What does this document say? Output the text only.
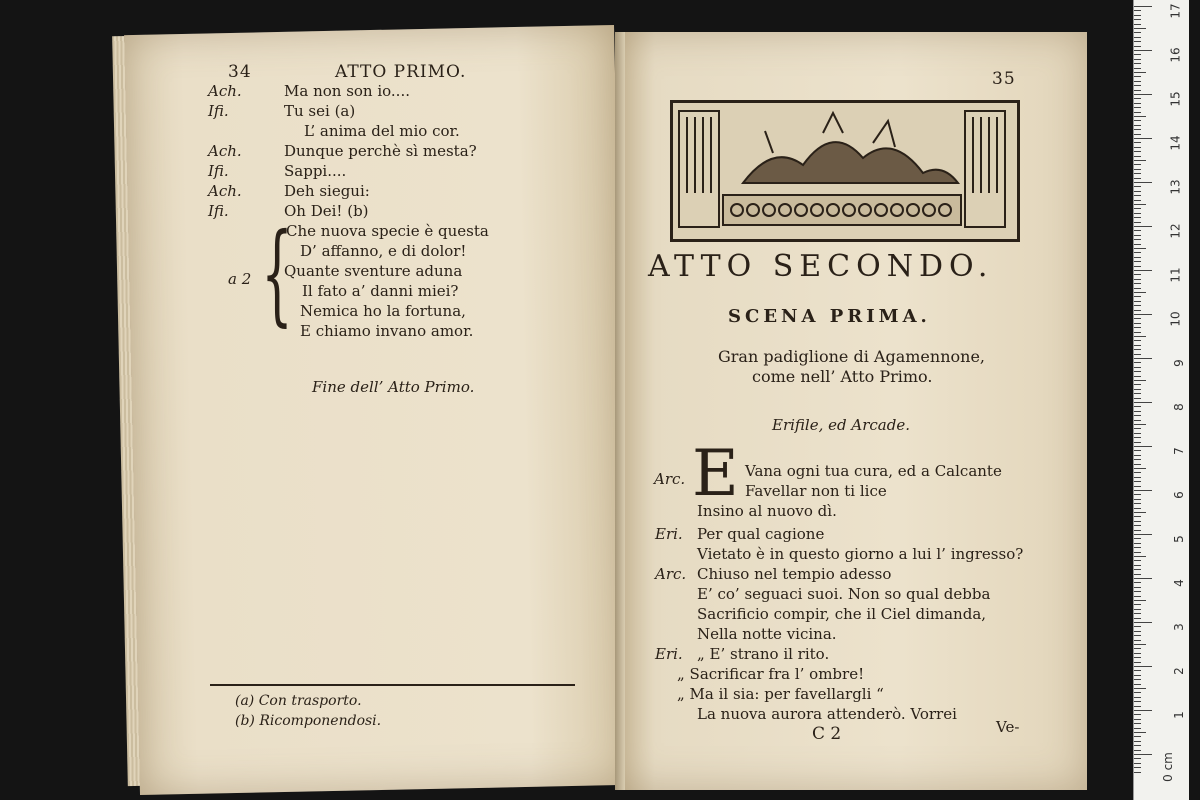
34	ATTO PRIMO.
Ach.	Ma non son io....
Ifi.	Tu sei (a)
L’ anima del mio cor.
Ach.	Dunque perchè sì mesta?
Ifi.	Sappi....
Ach.	Deh siegui:
Ifi.	Oh Dei! (b)
a 2 {
Che nuova specie è questa
D’ affanno, e di dolor!
Quante sventure aduna
Il fato a’ danni miei?
Nemica ho la fortuna,
E chiamo invano amor.
Fine dell’ Atto Primo.
(a) Con trasporto.
(b) Ricomponendosi.
35
ATTO SECONDO.
SCENA PRIMA.
Gran padiglione di Agamennone,
come nell’ Atto Primo.
Erifile, ed Arcade.
Arc. E Vana ogni tua cura, ed a Calcante
Favellar non ti lice
Insino al nuovo dì.
Eri. Per qual cagione
Vietato è in questo giorno a lui l’ ingresso?
Arc. Chiuso nel tempio adesso
E’ co’ seguaci suoi. Non so qual debba
Sacrificio compir, che il Ciel dimanda,
Nella notte vicina.
Eri. „ E’ strano il rito.
„ Sacrificar fra l’ ombre!
„ Ma il sia: per favellargli “
La nuova aurora attenderò. Vorrei
C 2	Ve-
17
16
15
14
13
12
11
10
9
8
7
6
5
4
3
2
1
0 cm
